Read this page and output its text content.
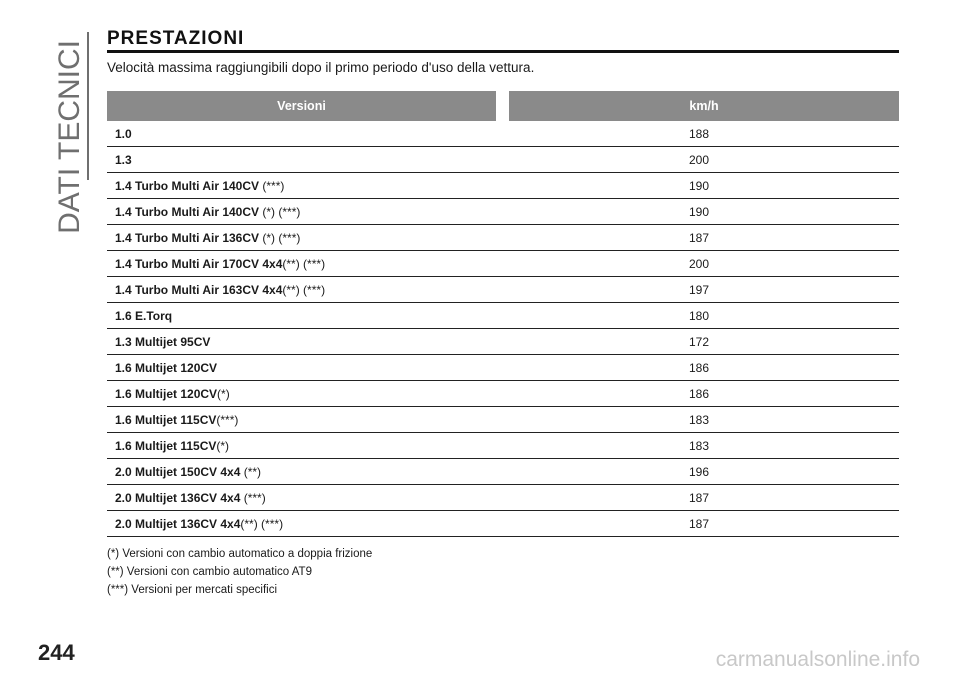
DATI TECNICI
PRESTAZIONI
Velocità massima raggiungibili dopo il primo periodo d'uso della vettura.
Versioni	km/h
1.0	188
1.3	200
1.4 Turbo Multi Air 140CV (***)	190
1.4 Turbo Multi Air 140CV (*) (***)	190
1.4 Turbo Multi Air 136CV (*) (***)	187
1.4 Turbo Multi Air 170CV 4x4(**) (***)	200
1.4 Turbo Multi Air 163CV 4x4(**) (***)	197
1.6 E.Torq	180
1.3 Multijet 95CV	172
1.6 Multijet 120CV	186
1.6 Multijet 120CV(*)	186
1.6 Multijet 115CV(***)	183
1.6 Multijet 115CV(*)	183
2.0 Multijet 150CV 4x4 (**)	196
2.0 Multijet 136CV 4x4 (***)	187
2.0 Multijet 136CV 4x4(**) (***)	187
(*) Versioni con cambio automatico a doppia frizione
(**) Versioni con cambio automatico AT9
(***) Versioni per mercati specifici
244	carmanualsonline.info
